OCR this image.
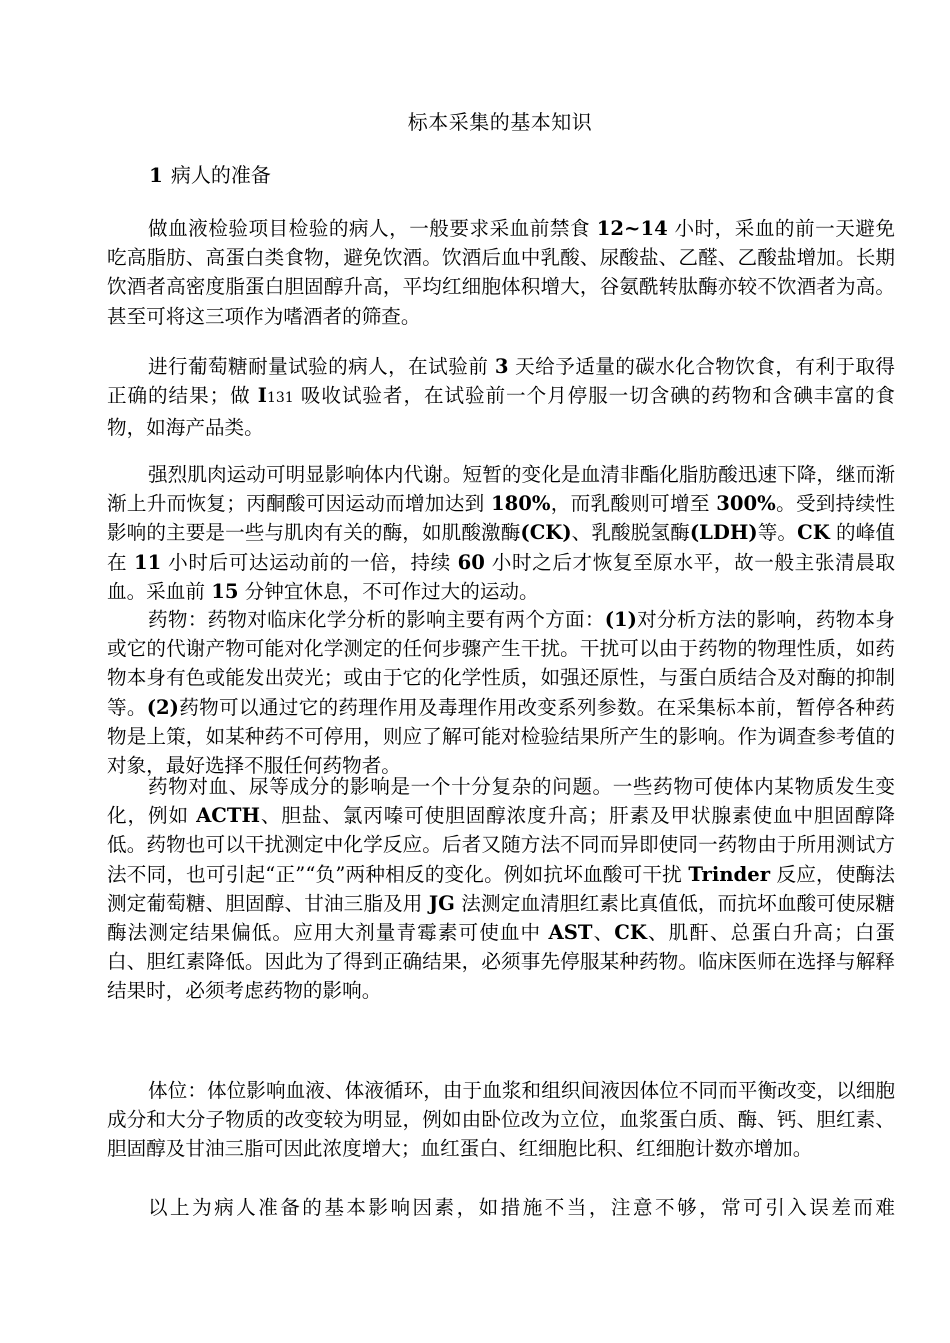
标本采集的基本知识
1 病人的准备

做血液检验项目检验的病人，一般要求采血前禁食 12~14 小时，采血的前一天避免吃高脂肪、高蛋白类食物，避免饮酒。饮酒后血中乳酸、尿酸盐、乙醛、乙酸盐增加。长期饮酒者高密度脂蛋白胆固醇升高，平均红细胞体积增大，谷氨酰转肽酶亦较不饮酒者为高。甚至可将这三项作为嗜酒者的筛查。

进行葡萄糖耐量试验的病人，在试验前 3 天给予适量的碳水化合物饮食，有利于取得正确的结果；做 I131 吸收试验者，在试验前一个月停服一切含碘的药物和含碘丰富的食物，如海产品类。

强烈肌肉运动可明显影响体内代谢。短暂的变化是血清非酯化脂肪酸迅速下降，继而渐渐上升而恢复；丙酮酸可因运动而增加达到 180%，而乳酸则可增至 300%。受到持续性影响的主要是一些与肌肉有关的酶，如肌酸激酶(CK)、乳酸脱氢酶(LDH)等。CK 的峰值在 11 小时后可达运动前的一倍，持续 60 小时之后才恢复至原水平，故一般主张清晨取血。采血前 15 分钟宜休息，不可作过大的运动。

药物：药物对临床化学分析的影响主要有两个方面：(1)对分析方法的影响，药物本身或它的代谢产物可能对化学测定的任何步骤产生干扰。干扰可以由于药物的物理性质，如药物本身有色或能发出荧光；或由于它的化学性质，如强还原性，与蛋白质结合及对酶的抑制等。(2)药物可以通过它的药理作用及毒理作用改变系列参数。在采集标本前，暂停各种药物是上策，如某种药不可停用，则应了解可能对检验结果所产生的影响。作为调查参考值的对象，最好选择不服任何药物者。

药物对血、尿等成分的影响是一个十分复杂的问题。一些药物可使体内某物质发生变化，例如 ACTH、胆盐、氯丙嗪可使胆固醇浓度升高；肝素及甲状腺素使血中胆固醇降低。药物也可以干扰测定中化学反应。后者又随方法不同而异即使同一药物由于所用测试方法不同，也可引起“正”“负”两种相反的变化。例如抗坏血酸可干扰 Trinder 反应，使酶法测定葡萄糖、胆固醇、甘油三脂及用 JG 法测定血清胆红素比真值低，而抗坏血酸可使尿糖酶法测定结果偏低。应用大剂量青霉素可使血中 AST、CK、肌酐、总蛋白升高；白蛋白、胆红素降低。因此为了得到正确结果，必须事先停服某种药物。临床医师在选择与解释结果时，必须考虑药物的影响。

体位：体位影响血液、体液循环，由于血浆和组织间液因体位不同而平衡改变，以细胞成分和大分子物质的改变较为明显，例如由卧位改为立位，血浆蛋白质、酶、钙、胆红素、胆固醇及甘油三脂可因此浓度增大；血红蛋白、红细胞比积、红细胞计数亦增加。

以上为病人准备的基本影响因素，如措施不当，注意不够，常可引入误差而难
